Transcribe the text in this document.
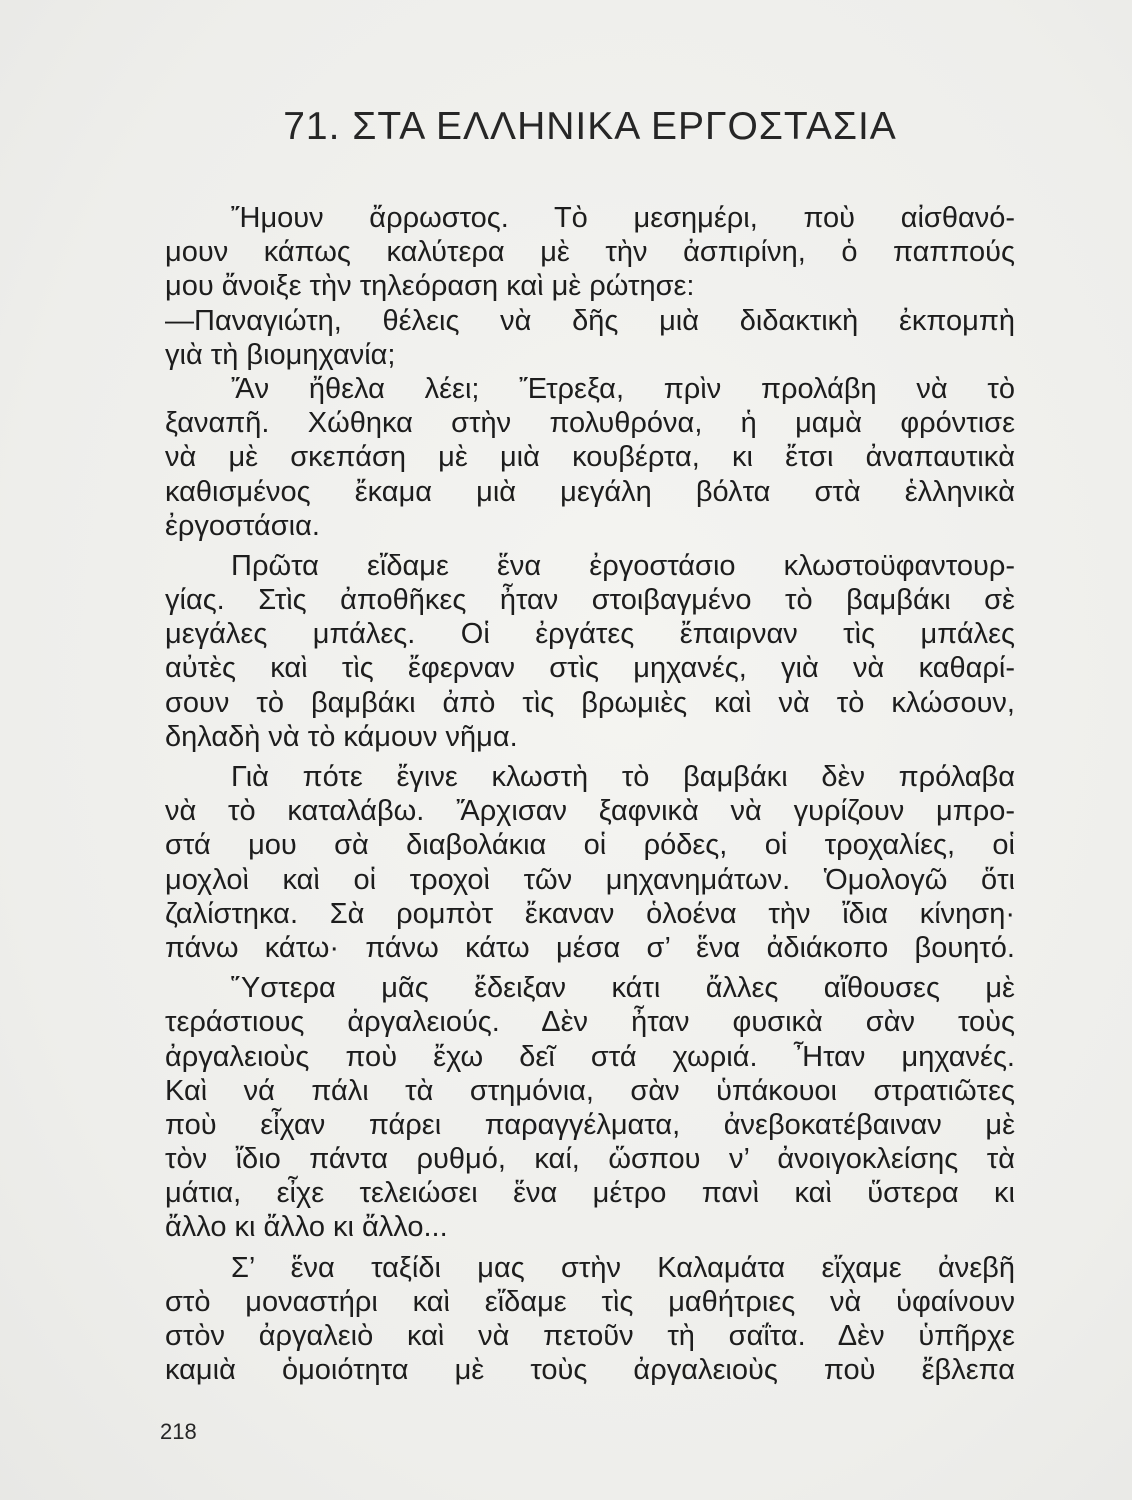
71. ΣΤΑ ΕΛΛΗΝΙΚΑ ΕΡΓΟΣΤΑΣΙΑ
Ἤμουν ἄρρωστος. Τὸ μεσημέρι, ποὺ αἰσθανό-
μουν κάπως καλύτερα μὲ τὴν ἀσπιρίνη, ὁ παππούς
μου ἄνοιξε τὴν τηλεόραση καὶ μὲ ρώτησε:
—Παναγιώτη, θέλεις νὰ δῆς μιὰ διδακτικὴ ἐκπομπὴ
γιὰ τὴ βιομηχανία;
Ἄν ἤθελα λέει; Ἔτρεξα, πρὶν προλάβη νὰ τὸ
ξαναπῆ. Χώθηκα στὴν πολυθρόνα, ἡ μαμὰ φρόντισε
νὰ μὲ σκεπάση μὲ μιὰ κουβέρτα, κι ἔτσι ἀναπαυτικὰ
καθισμένος ἔκαμα μιὰ μεγάλη βόλτα στὰ ἑλληνικὰ
ἐργοστάσια.
Πρῶτα εἴδαμε ἕνα ἐργοστάσιο κλωστοϋφαντουρ-
γίας. Στὶς ἀποθῆκες ἦταν στοιβαγμένο τὸ βαμβάκι σὲ
μεγάλες μπάλες. Οἱ ἐργάτες ἔπαιρναν τὶς μπάλες
αὐτὲς καὶ τὶς ἔφερναν στὶς μηχανές, γιὰ νὰ καθαρί-
σουν τὸ βαμβάκι ἀπὸ τὶς βρωμιὲς καὶ νὰ τὸ κλώσουν,
δηλαδὴ νὰ τὸ κάμουν νῆμα.
Γιὰ πότε ἔγινε κλωστὴ τὸ βαμβάκι δὲν πρόλαβα
νὰ τὸ καταλάβω. Ἄρχισαν ξαφνικὰ νὰ γυρίζουν μπρο-
στά μου σὰ διαβολάκια οἱ ρόδες, οἱ τροχαλίες, οἱ
μοχλοὶ καὶ οἱ τροχοὶ τῶν μηχανημάτων. Ὁμολογῶ ὅτι
ζαλίστηκα. Σὰ ρομπὸτ ἔκαναν ὁλοένα τὴν ἴδια κίνηση·
πάνω κάτω· πάνω κάτω μέσα σ’ ἕνα ἀδιάκοπο βουητό.
Ὕστερα μᾶς ἔδειξαν κάτι ἄλλες αἴθουσες μὲ
τεράστιους ἀργαλειούς. Δὲν ἦταν φυσικὰ σὰν τοὺς
ἀργαλειοὺς ποὺ ἔχω δεῖ στά χωριά. Ἦταν μηχανές.
Καὶ νά πάλι τὰ στημόνια, σὰν ὑπάκουοι στρατιῶτες
ποὺ εἶχαν πάρει παραγγέλματα, ἀνεβοκατέβαιναν μὲ
τὸν ἴδιο πάντα ρυθμό, καί, ὥσπου ν’ ἀνοιγοκλείσης τὰ
μάτια, εἶχε τελειώσει ἕνα μέτρο πανὶ καὶ ὕστερα κι
ἄλλο κι ἄλλο κι ἄλλο...
Σ’ ἕνα ταξίδι μας στὴν Καλαμάτα εἴχαμε ἀνεβῆ
στὸ μοναστήρι καὶ εἴδαμε τὶς μαθήτριες νὰ ὑφαίνουν
στὸν ἀργαλειὸ καὶ νὰ πετοῦν τὴ σαΐτα. Δὲν ὑπῆρχε
καμιὰ ὁμοιότητα μὲ τοὺς ἀργαλειοὺς ποὺ ἔβλεπα
218
